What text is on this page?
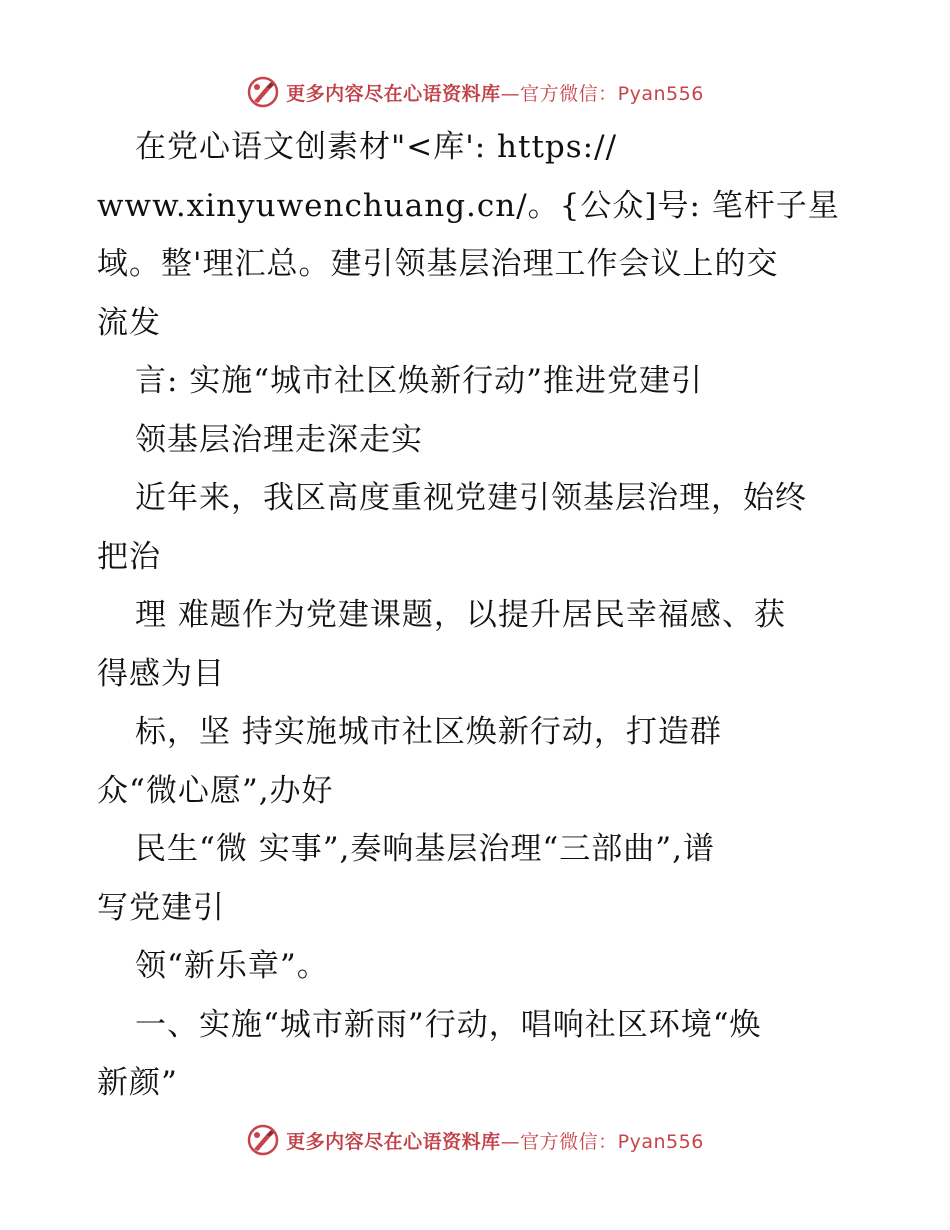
更多内容尽在心语资料库—官方微信：Pyan556
在党心语文创素材"<库': https://
www.xinyuwenchuang.cn/。{公众]号: 笔杆子星
域。整'理汇总。建引领基层治理工作会议上的交
流发
言: 实施“城市社区焕新行动”推进党建引
领基层治理走深走实
近年来，我区高度重视党建引领基层治理，始终
把治
理 难题作为党建课题，以提升居民幸福感、获
得感为目
标，坚 持实施城市社区焕新行动，打造群
众“微心愿”,办好
民生“微 实事”,奏响基层治理“三部曲”,谱
写党建引
领“新乐章”。
一、实施“城市新雨”行动，唱响社区环境“焕
新颜”
更多内容尽在心语资料库—官方微信：Pyan556
